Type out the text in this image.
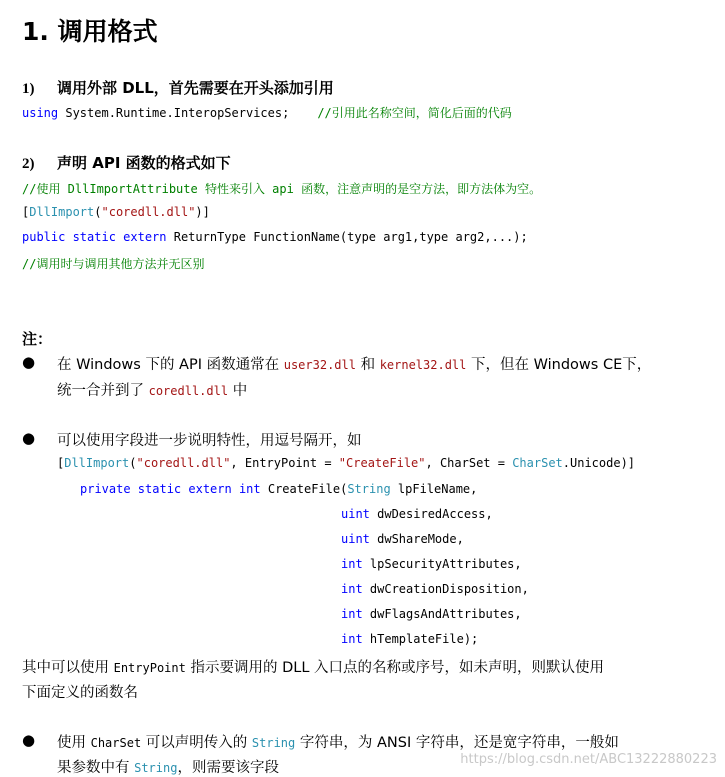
1. 调用格式
1) 调用外部 DLL，首先需要在开头添加引用
using System.Runtime.InteropServices; //引用此名称空间，简化后面的代码
2) 声明 API 函数的格式如下
//使用 DllImportAttribute 特性来引入 api 函数，注意声明的是空方法，即方法体为空。
[DllImport("coredll.dll")]
public static extern ReturnType FunctionName(type arg1,type arg2,...);
//调用时与调用其他方法并无区别
注：
● 在 Windows 下的 API 函数通常在 user32.dll 和 kernel32.dll 下，但在 Windows CE下，
统一合并到了 coredll.dll 中
● 可以使用字段进一步说明特性，用逗号隔开，如
[DllImport("coredll.dll", EntryPoint = "CreateFile", CharSet = CharSet.Unicode)]
private static extern int CreateFile(String lpFileName,
uint dwDesiredAccess,
uint dwShareMode,
int lpSecurityAttributes,
int dwCreationDisposition,
int dwFlagsAndAttributes,
int hTemplateFile);
其中可以使用 EntryPoint 指示要调用的 DLL 入口点的名称或序号，如未声明，则默认使用
下面定义的函数名
● 使用 CharSet 可以声明传入的 String 字符串，为 ANSI 字符串，还是宽字符串，一般如
果参数中有 String，则需要该字段
https://blog.csdn.net/ABC13222880223
